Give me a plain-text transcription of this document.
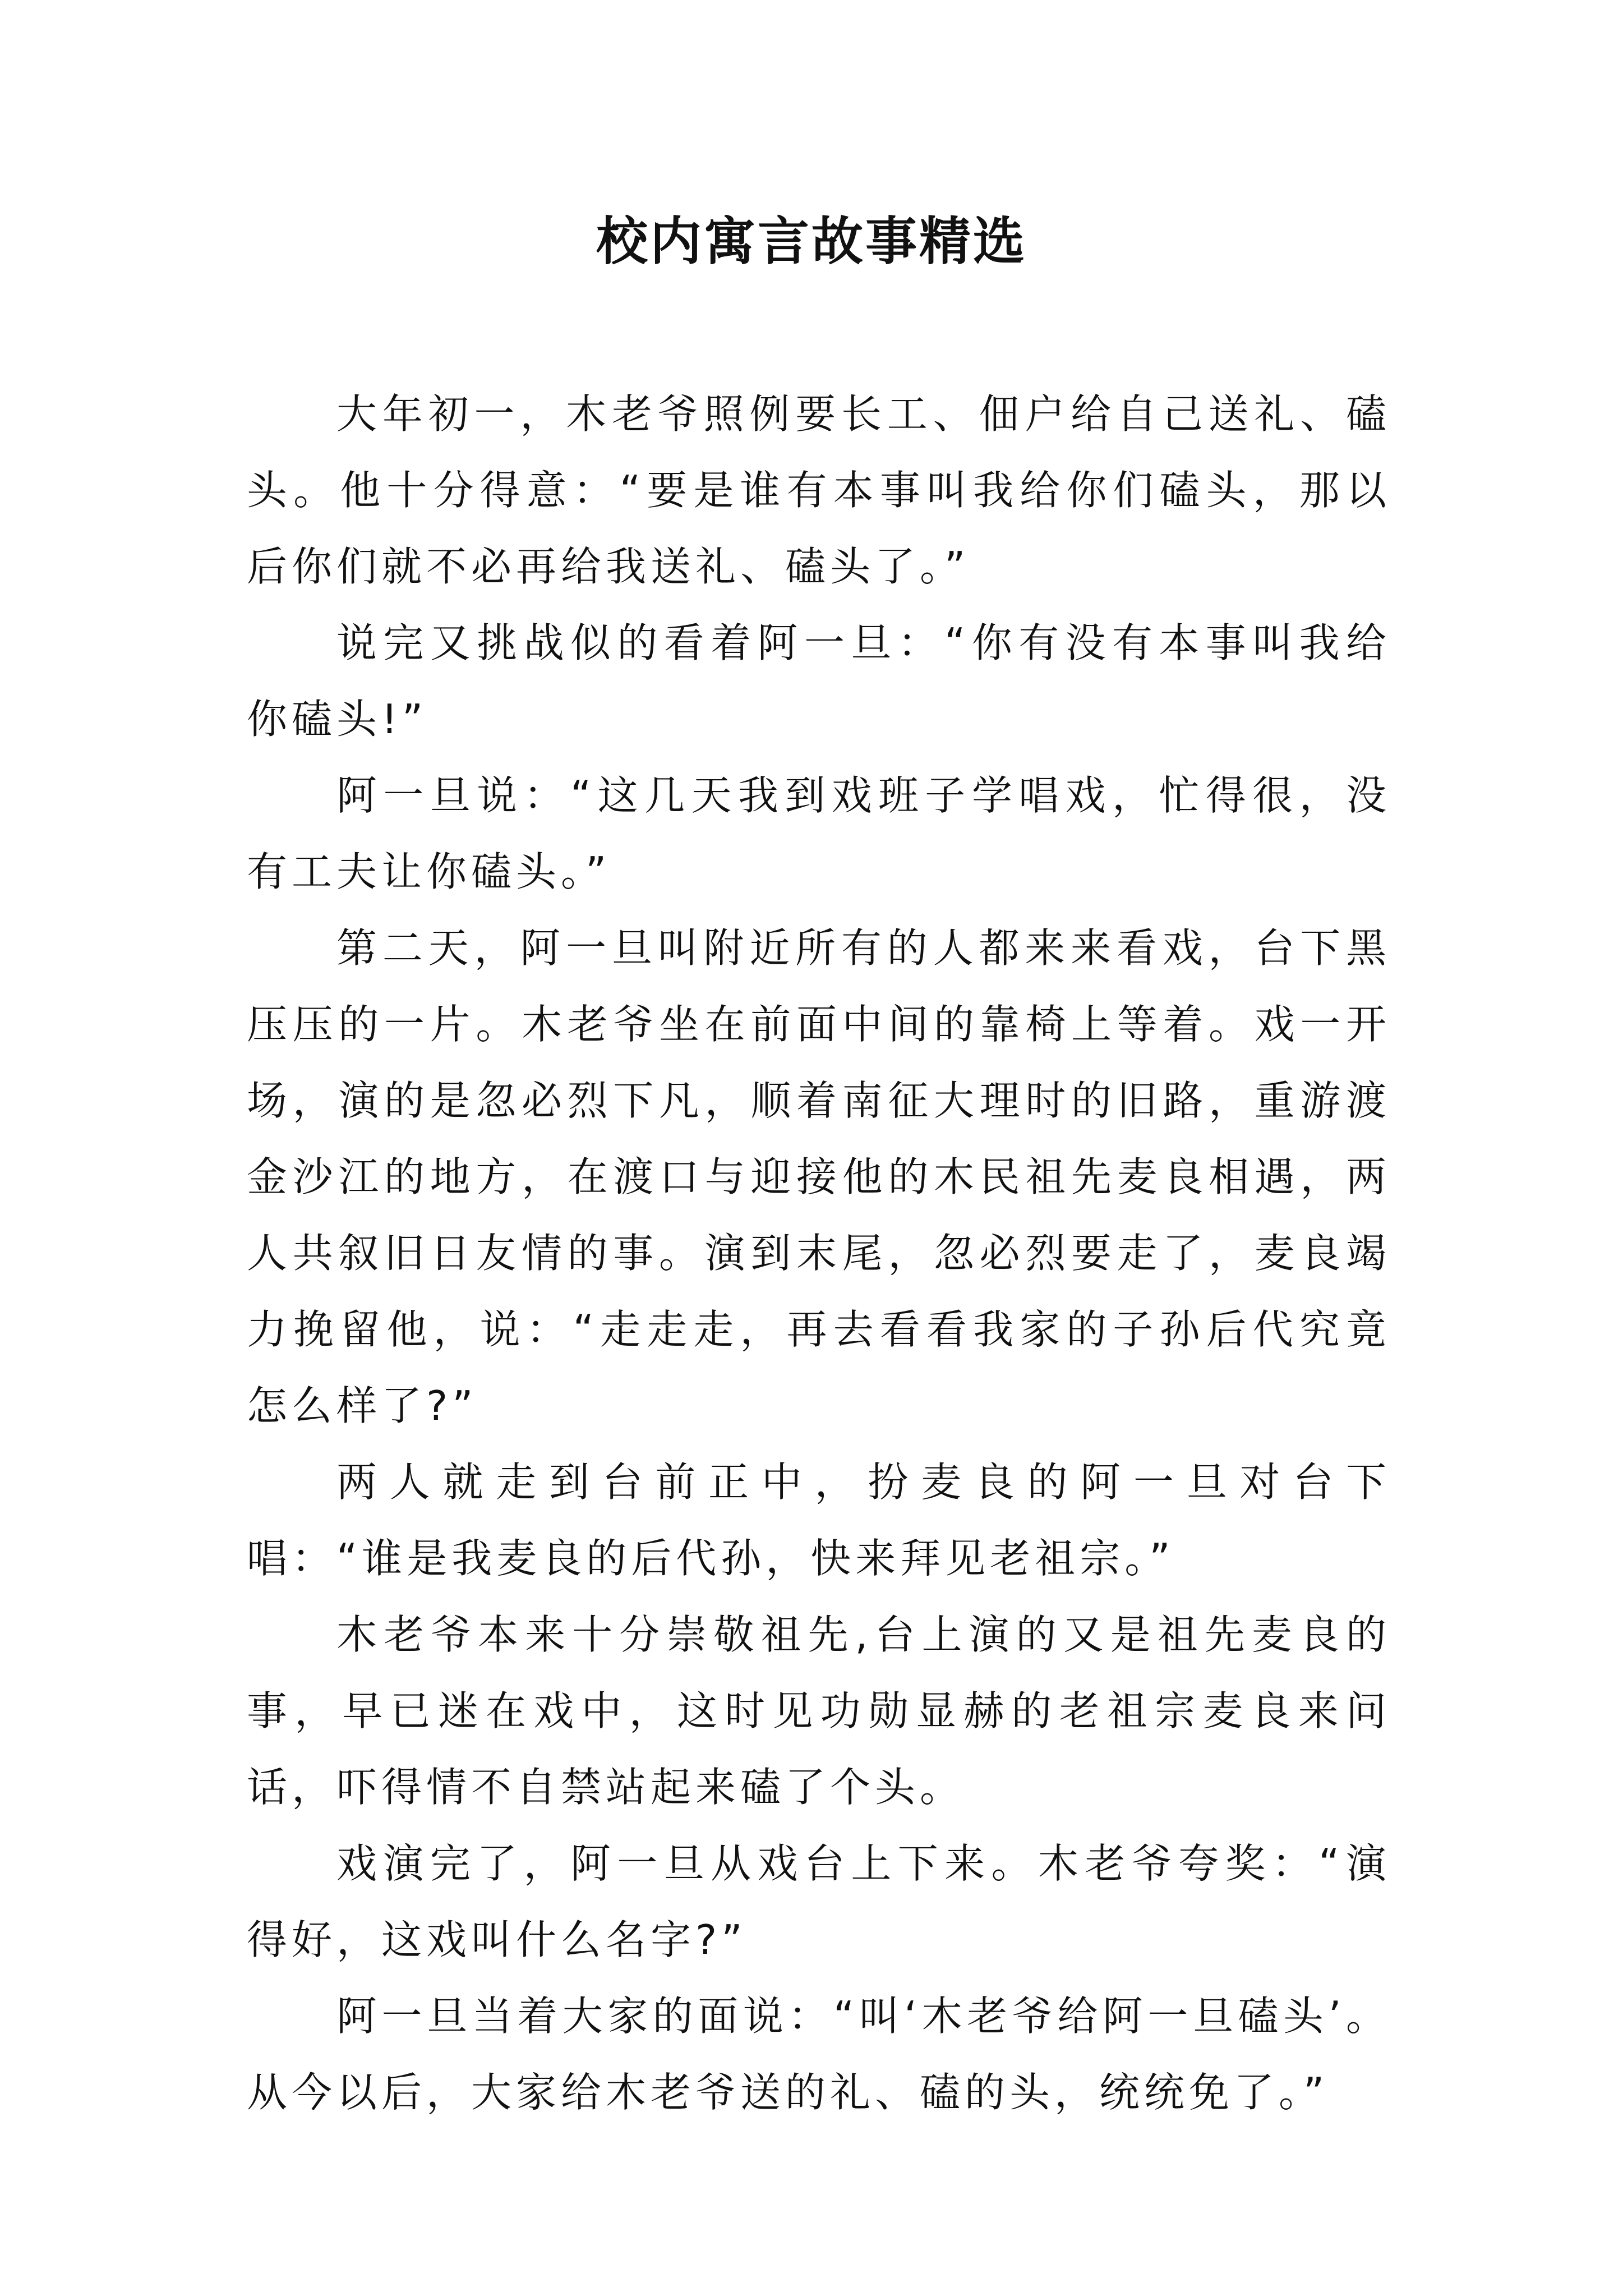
校内寓言故事精选

大年初一，木老爷照例要长工、佃户给自己送礼、磕头。他十分得意：“要是谁有本事叫我给你们磕头，那以后你们就不必再给我送礼、磕头了。”

说完又挑战似的看着阿一旦：“你有没有本事叫我给你磕头!”

阿一旦说：“这几天我到戏班子学唱戏，忙得很，没有工夫让你磕头。”

第二天，阿一旦叫附近所有的人都来来看戏，台下黑压压的一片。木老爷坐在前面中间的靠椅上等着。戏一开场，演的是忽必烈下凡，顺着南征大理时的旧路，重游渡金沙江的地方，在渡口与迎接他的木民祖先麦良相遇，两人共叙旧日友情的事。演到末尾，忽必烈要走了，麦良竭力挽留他，说：“走走走，再去看看我家的子孙后代究竟怎么样了?”

两人就走到台前正中，扮麦良的阿一旦对台下唱：“谁是我麦良的后代孙，快来拜见老祖宗。”

木老爷本来十分崇敬祖先,台上演的又是祖先麦良的事，早已迷在戏中，这时见功勋显赫的老祖宗麦良来问话，吓得情不自禁站起来磕了个头。

戏演完了，阿一旦从戏台上下来。木老爷夸奖：“演得好，这戏叫什么名字?”

阿一旦当着大家的面说：“叫‘木老爷给阿一旦磕头’。从今以后，大家给木老爷送的礼、磕的头，统统免了。”
